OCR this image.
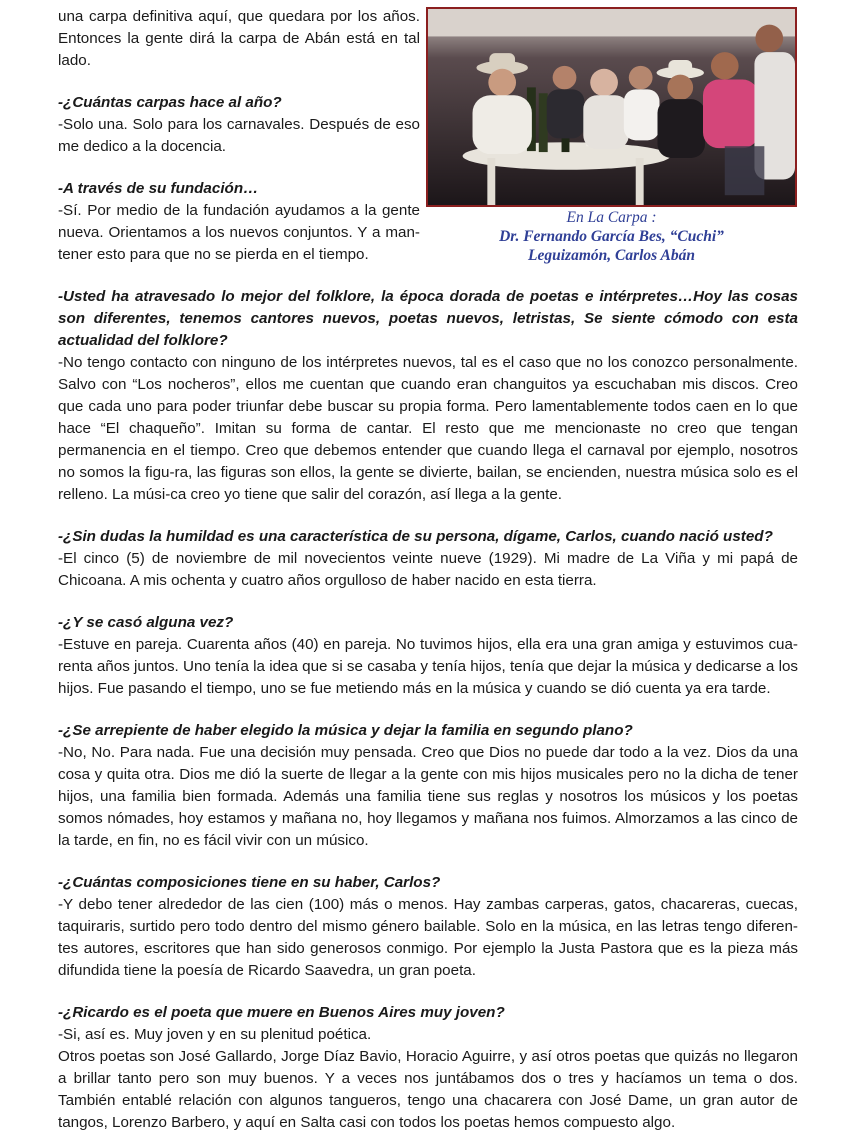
una carpa definitiva aquí, que quedara por los años. Entonces la gente dirá la carpa de Abán está en tal lado.

-¿Cuántas carpas hace al año?

-Solo una. Solo para los carnavales. Después de eso me dedico a la docencia.

-A través de su fundación…

-Sí. Por medio de la fundación ayudamos a la gente nueva. Orientamos a los nuevos conjuntos. Y a man-tener esto para que no se pierda en el tiempo.

-Usted ha atravesado lo mejor del folklore, la época dorada de poetas e intérpretes…Hoy las cosas son diferentes, tenemos cantores nuevos, poetas nuevos, letristas, Se siente cómodo con esta actualidad del folklore?

-No tengo contacto con ninguno de los intérpretes nuevos, tal es el caso que no los conozco personalmente. Salvo con “Los nocheros”, ellos me cuentan que cuando eran changuitos ya escuchaban mis discos. Creo que cada uno para poder triunfar debe buscar su propia forma. Pero lamentablemente todos caen en lo que hace “El chaqueño”. Imitan su forma de cantar. El resto que me mencionaste no creo que tengan permanencia en el tiempo. Creo que debemos entender que cuando llega el carnaval por ejemplo, nosotros no somos la figu-ra, las figuras son ellos, la gente se divierte, bailan, se encienden, nuestra música solo es el relleno. La músi-ca creo yo tiene que salir del corazón, así llega a la gente.

-¿Sin dudas la humildad es una característica de su persona, dígame, Carlos, cuando nació usted?

-El cinco (5) de noviembre de mil novecientos veinte nueve (1929). Mi madre de La Viña y mi papá de Chicoana. A mis ochenta y cuatro años orgulloso de haber nacido en esta tierra.

-¿Y se casó alguna vez?

-Estuve en pareja. Cuarenta años (40) en pareja. No tuvimos hijos, ella era una gran amiga y estuvimos cua-renta años juntos. Uno tenía la idea que si se casaba y tenía hijos, tenía que dejar la música y dedicarse a los hijos. Fue pasando el tiempo, uno se fue metiendo más en la música y cuando se dió cuenta ya era tarde.

-¿Se arrepiente de haber elegido la música y dejar la familia en segundo plano?

-No, No. Para nada. Fue una decisión muy pensada. Creo que Dios no puede dar todo a la vez. Dios da una cosa y quita otra. Dios me dió la suerte de llegar a la gente con mis hijos musicales pero no la dicha de tener hijos, una familia bien formada. Además una familia tiene sus reglas y nosotros los músicos y los poetas somos nómades, hoy estamos y mañana no, hoy llegamos y mañana nos fuimos. Almorzamos a las cinco de la tarde, en fin, no es fácil vivir con un músico.

-¿Cuántas composiciones tiene en su haber, Carlos?

-Y debo tener alrededor de las cien (100) más o menos. Hay zambas carperas, gatos, chacareras, cuecas, taquiraris, surtido pero todo dentro del mismo género bailable. Solo en la música, en las letras tengo diferen-tes autores, escritores que han sido generosos conmigo. Por ejemplo la Justa Pastora que es la pieza más difundida tiene la poesía de Ricardo Saavedra, un gran poeta.

-¿Ricardo es el poeta que muere en Buenos Aires muy joven?

-Si, así es. Muy joven y en su plenitud poética.

Otros poetas son José Gallardo, Jorge Díaz Bavio, Horacio Aguirre, y así otros poetas que quizás no llegaron a brillar tanto pero son muy buenos. Y a veces nos juntábamos dos o tres y hacíamos un tema o dos. También entablé relación con algunos tangueros, tengo una chacarera con José Dame, un gran autor de tangos, Lorenzo Barbero, y aquí en Salta casi con todos los poetas hemos compuesto algo.

En La Carpa :
Dr. Fernando García Bes, “Cuchi”
Leguizamón, Carlos Abán
